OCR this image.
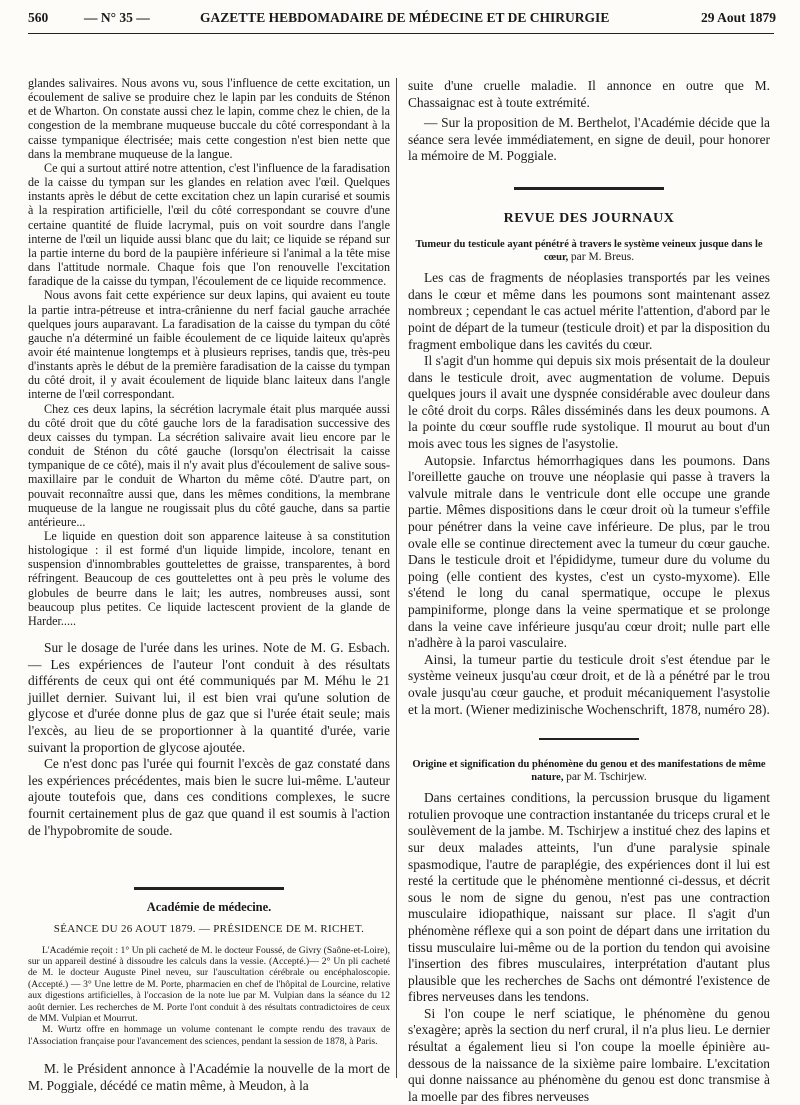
560	— N° 35 —	GAZETTE HEBDOMADAIRE DE MÉDECINE ET DE CHIRURGIE	29 Aout 1879

glandes salivaires. Nous avons vu, sous l'influence de cette excitation, un écoulement de salive se produire chez le lapin par les conduits de Sténon et de Wharton. On constate aussi chez le lapin, comme chez le chien, de la congestion de la membrane muqueuse buccale du côté correspondant à la caisse tympanique électrisée; mais cette congestion n'est bien nette que dans la membrane muqueuse de la langue.

Ce qui a surtout attiré notre attention, c'est l'influence de la faradisation de la caisse du tympan sur les glandes en relation avec l'œil. Quelques instants après le début de cette excitation chez un lapin curarisé et soumis à la respiration artificielle, l'œil du côté correspondant se couvre d'une certaine quantité de fluide lacrymal, puis on voit sourdre dans l'angle interne de l'œil un liquide aussi blanc que du lait; ce liquide se répand sur la partie interne du bord de la paupière inférieure si l'animal a la tête mise dans l'attitude normale. Chaque fois que l'on renouvelle l'excitation faradique de la caisse du tympan, l'écoulement de ce liquide recommence.

Nous avons fait cette expérience sur deux lapins, qui avaient eu toute la partie intra-pétreuse et intra-crânienne du nerf facial gauche arrachée quelques jours auparavant. La faradisation de la caisse du tympan du côté gauche n'a déterminé un faible écoulement de ce liquide laiteux qu'après avoir été maintenue longtemps et à plusieurs reprises, tandis que, très-peu d'instants après le début de la première faradisation de la caisse du tympan du côté droit, il y avait écoulement de liquide blanc laiteux dans l'angle interne de l'œil correspondant.

Chez ces deux lapins, la sécrétion lacrymale était plus marquée aussi du côté droit que du côté gauche lors de la faradisation successive des deux caisses du tympan. La sécrétion salivaire avait lieu encore par le conduit de Sténon du côté gauche (lorsqu'on électrisait la caisse tympanique de ce côté), mais il n'y avait plus d'écoulement de salive sous-maxillaire par le conduit de Wharton du même côté. D'autre part, on pouvait reconnaître aussi que, dans les mêmes conditions, la membrane muqueuse de la langue ne rougissait plus du côté gauche, dans sa partie antérieure...

Le liquide en question doit son apparence laiteuse à sa constitution histologique : il est formé d'un liquide limpide, incolore, tenant en suspension d'innombrables gouttelettes de graisse, transparentes, à bord réfringent. Beaucoup de ces gouttelettes ont à peu près le volume des globules de beurre dans le lait; les autres, nombreuses aussi, sont beaucoup plus petites. Ce liquide lactescent provient de la glande de Harder.....

Sur le dosage de l'urée dans les urines. Note de M. G. Esbach. — Les expériences de l'auteur l'ont conduit à des résultats différents de ceux qui ont été communiqués par M. Méhu le 21 juillet dernier. Suivant lui, il est bien vrai qu'une solution de glycose et d'urée donne plus de gaz que si l'urée était seule; mais l'excès, au lieu de se proportionner à la quantité d'urée, varie suivant la proportion de glycose ajoutée.

Ce n'est donc pas l'urée qui fournit l'excès de gaz constaté dans les expériences précédentes, mais bien le sucre lui-même. L'auteur ajoute toutefois que, dans ces conditions complexes, le sucre fournit certainement plus de gaz que quand il est soumis à l'action de l'hypobromite de soude.

Académie de médecine.
SÉANCE DU 26 AOUT 1879. — PRÉSIDENCE DE M. RICHET.

L'Académie reçoit : 1° Un pli cacheté de M. le docteur Foussé, de Givry (Saône-et-Loire), sur un appareil destiné à dissoudre les calculs dans la vessie. (Accepté.)— 2° Un pli cacheté de M. le docteur Auguste Pinel neveu, sur l'auscultation cérébrale ou encéphaloscopie. (Accepté.) — 3° Une lettre de M. Porte, pharmacien en chef de l'hôpital de Lourcine, relative aux digestions artificielles, à l'occasion de la note lue par M. Vulpian dans la séance du 12 août dernier. Les recherches de M. Porte l'ont conduit à des résultats contradictoires de ceux de MM. Vulpian et Mourrut.

M. Wurtz offre en hommage un volume contenant le compte rendu des travaux de l'Association française pour l'avancement des sciences, pendant la session de 1878, à Paris.

M. le Président annonce à l'Académie la nouvelle de la mort de M. Poggiale, décédé ce matin même, à Meudon, à la

suite d'une cruelle maladie. Il annonce en outre que M. Chassaignac est à toute extrémité.

— Sur la proposition de M. Berthelot, l'Académie décide que la séance sera levée immédiatement, en signe de deuil, pour honorer la mémoire de M. Poggiale.

REVUE DES JOURNAUX
Tumeur du testicule ayant pénétré à travers le système veineux jusque dans le cœur, par M. Breus.

Les cas de fragments de néoplasies transportés par les veines dans le cœur et même dans les poumons sont maintenant assez nombreux ; cependant le cas actuel mérite l'attention, d'abord par le point de départ de la tumeur (testicule droit) et par la disposition du fragment embolique dans les cavités du cœur.

Il s'agit d'un homme qui depuis six mois présentait de la douleur dans le testicule droit, avec augmentation de volume. Depuis quelques jours il avait une dyspnée considérable avec douleur dans le côté droit du corps. Râles disséminés dans les deux poumons. A la pointe du cœur souffle rude systolique. Il mourut au bout d'un mois avec tous les signes de l'asystolie.

Autopsie. Infarctus hémorrhagiques dans les poumons. Dans l'oreillette gauche on trouve une néoplasie qui passe à travers la valvule mitrale dans le ventricule dont elle occupe une grande partie. Mêmes dispositions dans le cœur droit où la tumeur s'effile pour pénétrer dans la veine cave inférieure. De plus, par le trou ovale elle se continue directement avec la tumeur du cœur gauche. Dans le testicule droit et l'épididyme, tumeur dure du volume du poing (elle contient des kystes, c'est un cysto-myxome). Elle s'étend le long du canal spermatique, occupe le plexus pampiniforme, plonge dans la veine spermatique et se prolonge dans la veine cave inférieure jusqu'au cœur droit; nulle part elle n'adhère à la paroi vasculaire.

Ainsi, la tumeur partie du testicule droit s'est étendue par le système veineux jusqu'au cœur droit, et de là a pénétré par le trou ovale jusqu'au cœur gauche, et produit mécaniquement l'asystolie et la mort. (Wiener medizinische Wochenschrift, 1878, numéro 28).

Origine et signification du phénomène du genou et des manifestations de même nature, par M. Tschirjew.

Dans certaines conditions, la percussion brusque du ligament rotulien provoque une contraction instantanée du triceps crural et le soulèvement de la jambe. M. Tschirjew a institué chez des lapins et sur deux malades atteints, l'un d'une paralysie spinale spasmodique, l'autre de paraplégie, des expériences dont il lui est resté la certitude que le phénomène mentionné ci-dessus, et décrit sous le nom de signe du genou, n'est pas une contraction musculaire idiopathique, naissant sur place. Il s'agit d'un phénomène réflexe qui a son point de départ dans une irritation du tissu musculaire lui-même ou de la portion du tendon qui avoisine l'insertion des fibres musculaires, interprétation d'autant plus plausible que les recherches de Sachs ont démontré l'existence de fibres nerveuses dans les tendons.

Si l'on coupe le nerf sciatique, le phénomène du genou s'exagère; après la section du nerf crural, il n'a plus lieu. Le dernier résultat a également lieu si l'on coupe la moelle épinière au-dessous de la naissance de la sixième paire lombaire. L'excitation qui donne naissance au phénomène du genou est donc transmise à la moelle par des fibres nerveuses
